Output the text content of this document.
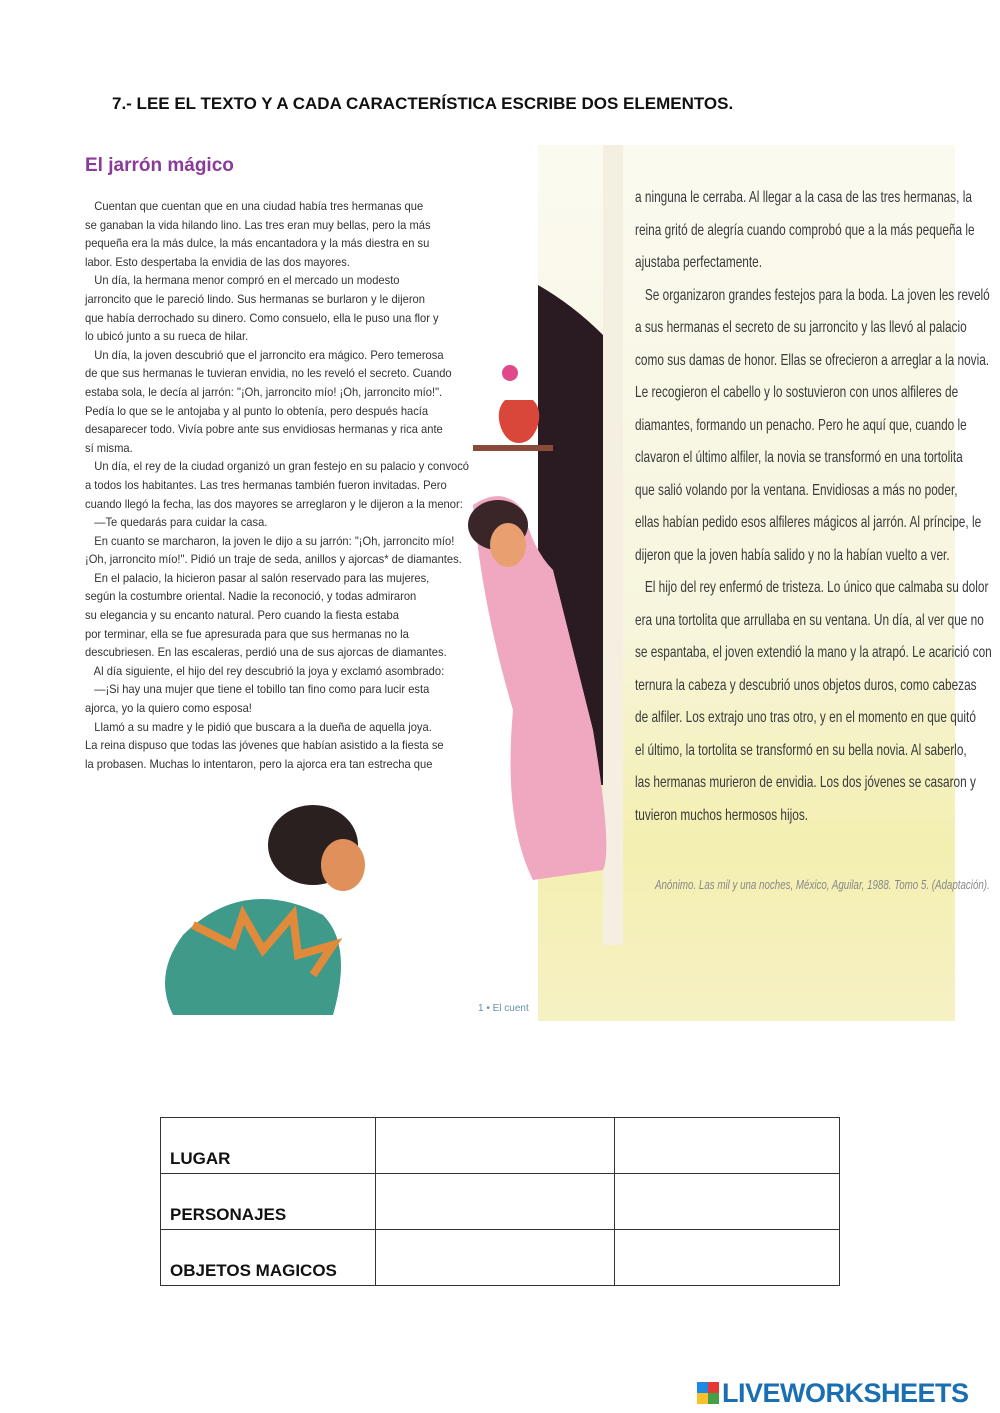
7.- LEE EL TEXTO Y A CADA CARACTERÍSTICA ESCRIBE DOS ELEMENTOS.
El jarrón mágico
Cuentan que cuentan que en una ciudad había tres hermanas que
se ganaban la vida hilando lino. Las tres eran muy bellas, pero la más
pequeña era la más dulce, la más encantadora y la más diestra en su
labor. Esto despertaba la envidia de las dos mayores.
Un día, la hermana menor compró en el mercado un modesto
jarroncito que le pareció lindo. Sus hermanas se burlaron y le dijeron
que había derrochado su dinero. Como consuelo, ella le puso una flor y
lo ubicó junto a su rueca de hilar.
Un día, la joven descubrió que el jarroncito era mágico. Pero temerosa
de que sus hermanas le tuvieran envidia, no les reveló el secreto. Cuando
estaba sola, le decía al jarrón: "¡Oh, jarroncito mío! ¡Oh, jarroncito mío!".
Pedía lo que se le antojaba y al punto lo obtenía, pero después hacía
desaparecer todo. Vivía pobre ante sus envidiosas hermanas y rica ante
sí misma.
Un día, el rey de la ciudad organizó un gran festejo en su palacio y convocó
a todos los habitantes. Las tres hermanas también fueron invitadas. Pero
cuando llegó la fecha, las dos mayores se arreglaron y le dijeron a la menor:
—Te quedarás para cuidar la casa.
En cuanto se marcharon, la joven le dijo a su jarrón: "¡Oh, jarroncito mío!
¡Oh, jarroncito mío!". Pidió un traje de seda, anillos y ajorcas* de diamantes.
En el palacio, la hicieron pasar al salón reservado para las mujeres,
según la costumbre oriental. Nadie la reconoció, y todas admiraron
su elegancia y su encanto natural. Pero cuando la fiesta estaba
por terminar, ella se fue apresurada para que sus hermanas no la
descubriesen. En las escaleras, perdió una de sus ajorcas de diamantes.
Al día siguiente, el hijo del rey descubrió la joya y exclamó asombrado:
—¡Si hay una mujer que tiene el tobillo tan fino como para lucir esta
ajorca, yo la quiero como esposa!
Llamó a su madre y le pidió que buscara a la dueña de aquella joya.
La reina dispuso que todas las jóvenes que habían asistido a la fiesta se
la probasen. Muchas lo intentaron, pero la ajorca era tan estrecha que
a ninguna le cerraba. Al llegar a la casa de las tres hermanas, la
reina gritó de alegría cuando comprobó que a la más pequeña le
ajustaba perfectamente.
Se organizaron grandes festejos para la boda. La joven les reveló
a sus hermanas el secreto de su jarroncito y las llevó al palacio
como sus damas de honor. Ellas se ofrecieron a arreglar a la novia.
Le recogieron el cabello y lo sostuvieron con unos alfileres de
diamantes, formando un penacho. Pero he aquí que, cuando le
clavaron el último alfiler, la novia se transformó en una tortolita
que salió volando por la ventana. Envidiosas a más no poder,
ellas habían pedido esos alfileres mágicos al jarrón. Al príncipe, le
dijeron que la joven había salido y no la habían vuelto a ver.
El hijo del rey enfermó de tristeza. Lo único que calmaba su dolor
era una tortolita que arrullaba en su ventana. Un día, al ver que no
se espantaba, el joven extendió la mano y la atrapó. Le acarició con
ternura la cabeza y descubrió unos objetos duros, como cabezas
de alfiler. Los extrajo uno tras otro, y en el momento en que quitó
el último, la tortolita se transformó en su bella novia. Al saberlo,
las hermanas murieron de envidia. Los dos jóvenes se casaron y
tuvieron muchos hermosos hijos.
Anónimo. Las mil y una noches, México, Aguilar, 1988. Tomo 5. (Adaptación).
1 • El cuent
LUGAR		
PERSONAJES		
OBJETOS MAGICOS		
LIVEWORKSHEETS
